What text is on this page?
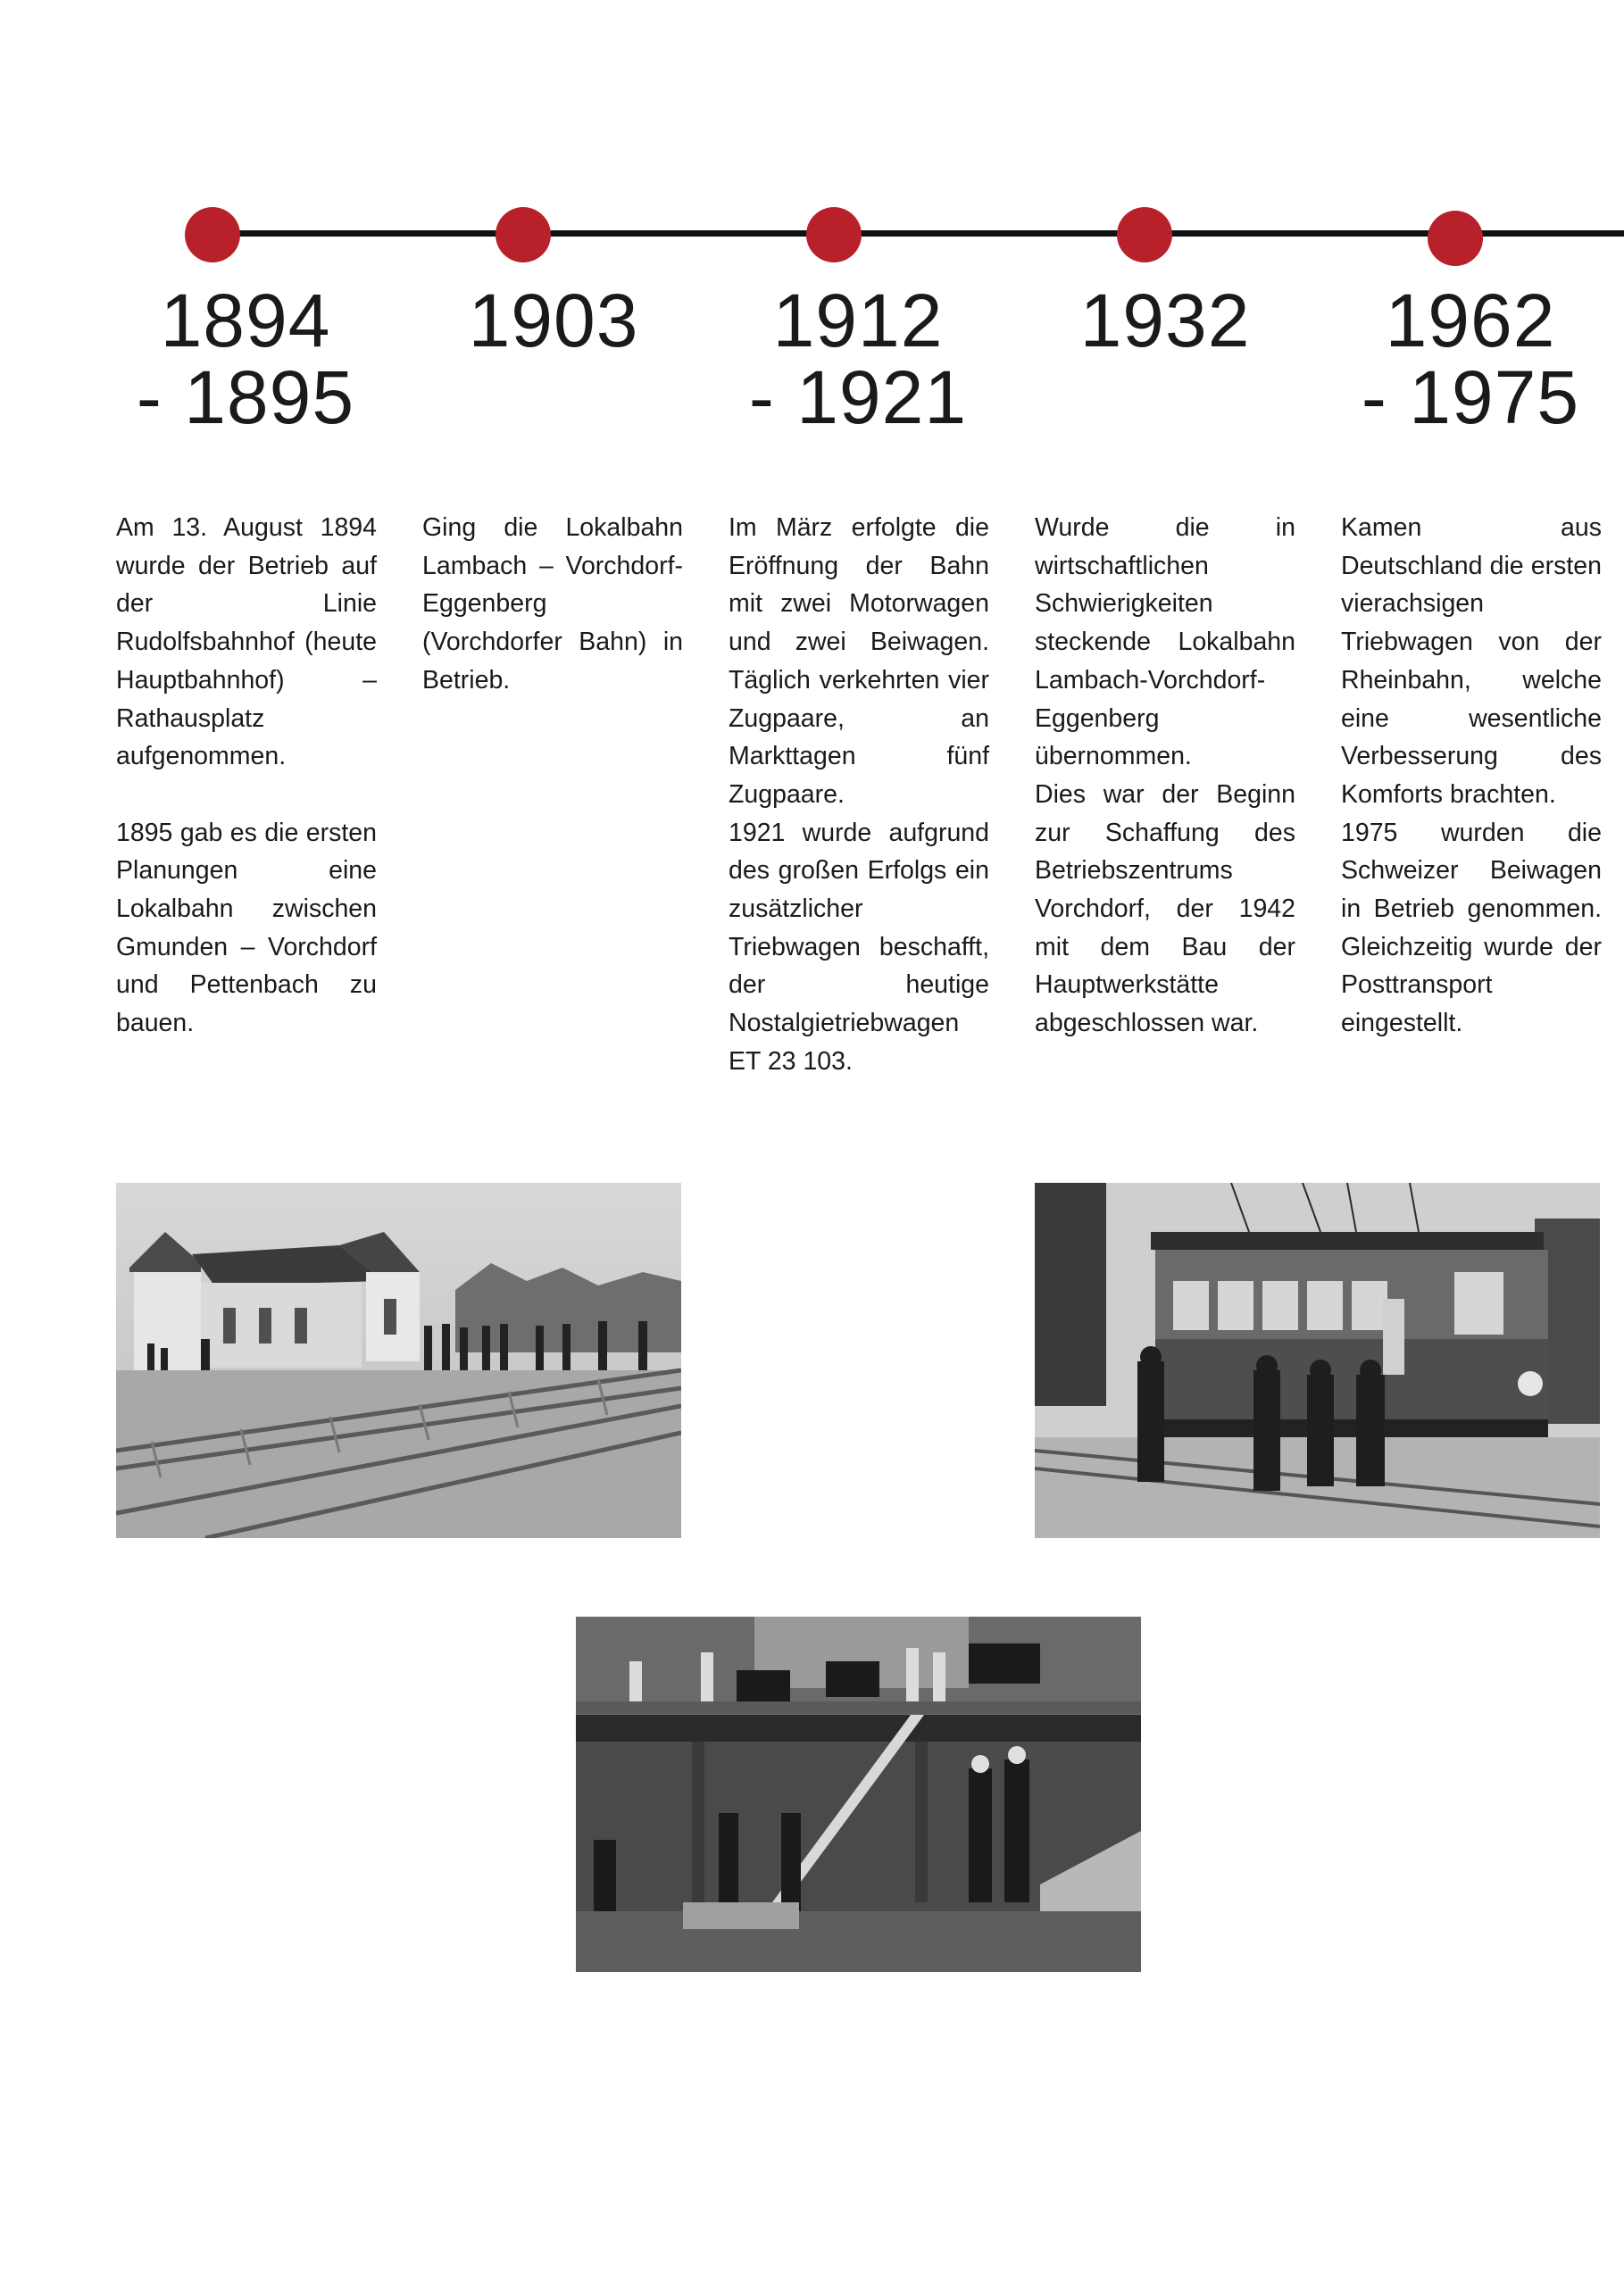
1894
- 1895
1903	1912
- 1921
1932	1962
- 1975

Am 13. August 1894 wurde der Betrieb auf der Linie Rudolfsbahnhof (heute Hauptbahnhof) – Rathausplatz aufgenommen.

1895 gab es die ersten Planungen eine Lokalbahn zwischen Gmunden – Vorchdorf und Pettenbach zu bauen.

Ging die Lokalbahn Lambach – Vorchdorf-Eggenberg (Vorchdorfer Bahn) in Betrieb.

Im März erfolgte die Eröffnung der Bahn mit zwei Motorwagen und zwei Beiwagen. Täglich verkehrten vier Zugpaare, an Markttagen fünf Zugpaare.

1921 wurde aufgrund des großen Erfolgs ein zusätzlicher Triebwagen beschafft, der heutige Nostalgietriebwagen ET 23 103.

Wurde die in wirtschaftlichen Schwierigkeiten steckende Lokalbahn Lambach-Vorchdorf-Eggenberg übernommen.

Dies war der Beginn zur Schaffung des Betriebszentrums Vorchdorf, der 1942 mit dem Bau der Hauptwerkstätte abgeschlossen war.

Kamen aus Deutschland die ersten vierachsigen Triebwagen von der Rheinbahn, welche eine wesentliche Verbesserung des Komforts brachten.

1975 wurden die Schweizer Beiwagen in Betrieb genommen. Gleichzeitig wurde der Posttransport eingestellt.
